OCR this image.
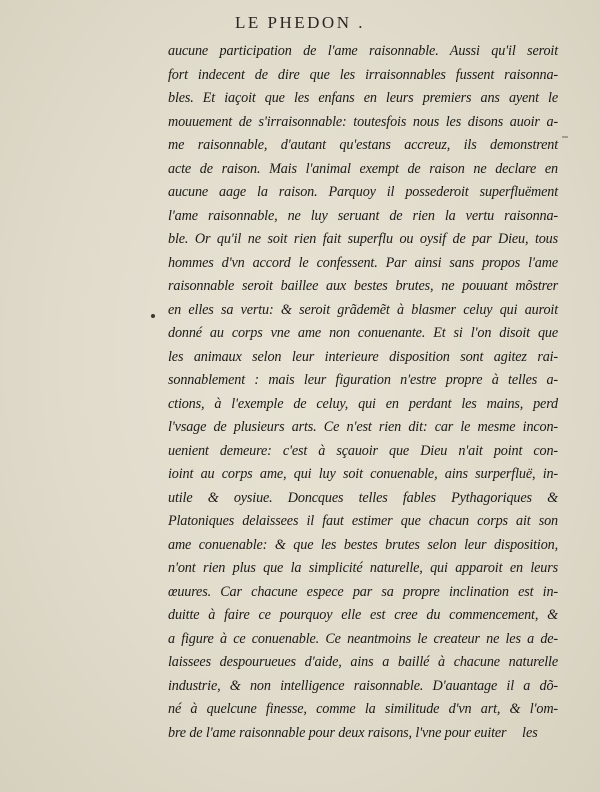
LE PHEDON .
aucune participation de l'ame raisonnable. Aussi qu'il seroit
fort indecent de dire que les irraisonnables fussent raisonna-
bles. Et iaçoit que les enfans en leurs premiers ans ayent le
mouuement de s'irraisonnable: toutesfois nous les disons auoir a-
me raisonnable, d'autant qu'estans accreuz, ils demonstrent
acte de raison. Mais l'animal exempt de raison ne declare en
aucune aage la raison. Parquoy il possederoit superfluëment
l'ame raisonnable, ne luy seruant de rien la vertu raisonna-
ble. Or qu'il ne soit rien fait superflu ou oysif de par Dieu, tous
hommes d'vn accord le confessent. Par ainsi sans propos l'ame
raisonnable seroit baillee aux bestes brutes, ne pouuant mõstrer
en elles sa vertu: & seroit grãdemẽt à blasmer celuy qui auroit
donné au corps vne ame non conuenante. Et si l'on disoit que
les animaux selon leur interieure disposition sont agitez rai-
sonnablement : mais leur figuration n'estre propre à telles a-
ctions, à l'exemple de celuy, qui en perdant les mains, perd
l'vsage de plusieurs arts. Ce n'est rien dit: car le mesme incon-
uenient demeure: c'est à sçauoir que Dieu n'ait point con-
ioint au corps ame, qui luy soit conuenable, ains surperfluë, in-
utile & oysiue. Doncques telles fables Pythagoriques &
Platoniques delaissees il faut estimer que chacun corps ait son
ame conuenable: & que les bestes brutes selon leur disposition,
n'ont rien plus que la simplicité naturelle, qui apparoit en leurs
œuures. Car chacune espece par sa propre inclination est in-
duitte à faire ce pourquoy elle est cree du commencement, &
a figure à ce conuenable. Ce neantmoins le createur ne les a de-
laissees despourueues d'aide, ains a baillé à chacune naturelle
industrie, & non intelligence raisonnable. D'auantage il a dõ-
né à quelcune finesse, comme la similitude d'vn art, & l'om-
bre de l'ame raisonnable pour deux raisons, l'vne pour euiter	les
